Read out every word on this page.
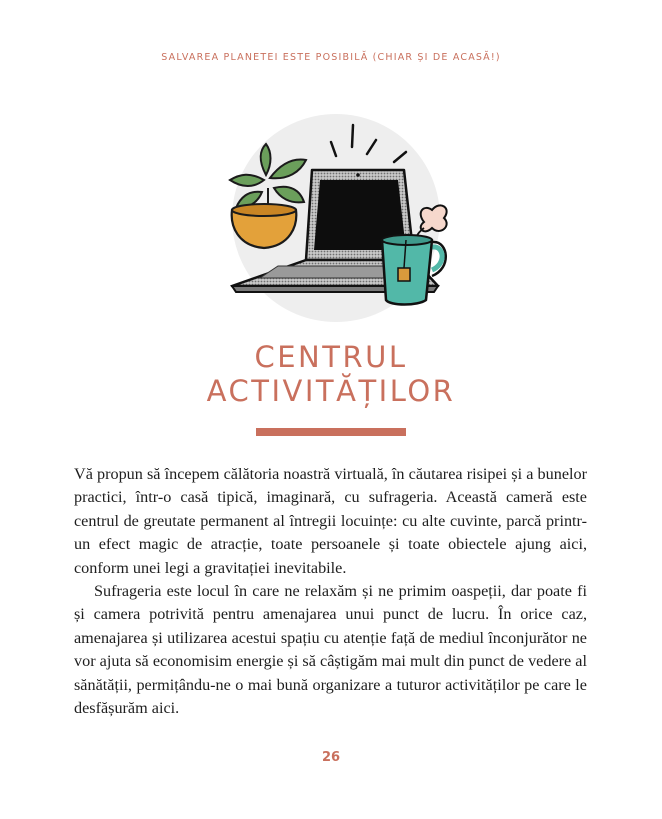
SALVAREA PLANETEI ESTE POSIBILĂ (CHIAR ȘI DE ACASĂ!)
CENTRUL
ACTIVITĂȚILOR

Vă propun să începem călătoria noastră virtuală, în căutarea risipei și a bunelor practici, într-o casă tipică, imaginară, cu sufrageria. Această cameră este centrul de greutate permanent al întregii locuințe: cu alte cuvinte, parcă printr-un efect magic de atracție, toate persoanele și toate obiectele ajung aici, conform unei legi a gravitației inevitabile.

Sufrageria este locul în care ne relaxăm și ne primim oaspeții, dar poate fi și camera potrivită pentru amenajarea unui punct de lucru. În orice caz, amenajarea și utilizarea acestui spațiu cu atenție față de mediul înconjurător ne vor ajuta să economisim energie și să câștigăm mai mult din punct de vedere al sănătății, permițându-ne o mai bună organizare a tuturor activităților pe care le desfășurăm aici.

26
